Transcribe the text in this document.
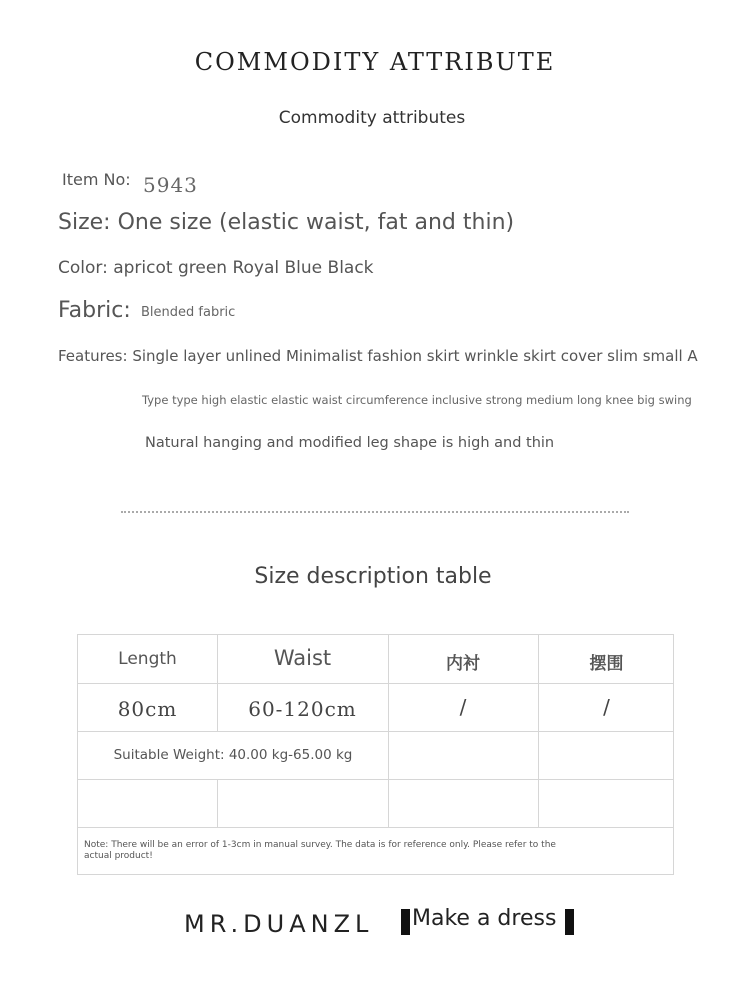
COMMODITY ATTRIBUTE
Commodity attributes
Item No: 5943
Size: One size (elastic waist, fat and thin)
Color: apricot green Royal Blue Black
Fabric: Blended fabric
Features: Single layer unlined Minimalist fashion skirt wrinkle skirt cover slim small A
Type type high elastic elastic waist circumference inclusive strong medium long knee big swing
Natural hanging and modified leg shape is high and thin
Size description table
Length	Waist	内衬	摆围
80cm	60-120cm	/	/
Suitable Weight: 40.00 kg-65.00 kg
Note: There will be an error of 1-3cm in manual survey. The data is for reference only. Please refer to the actual product!
MR.DUANZL Make a dress
